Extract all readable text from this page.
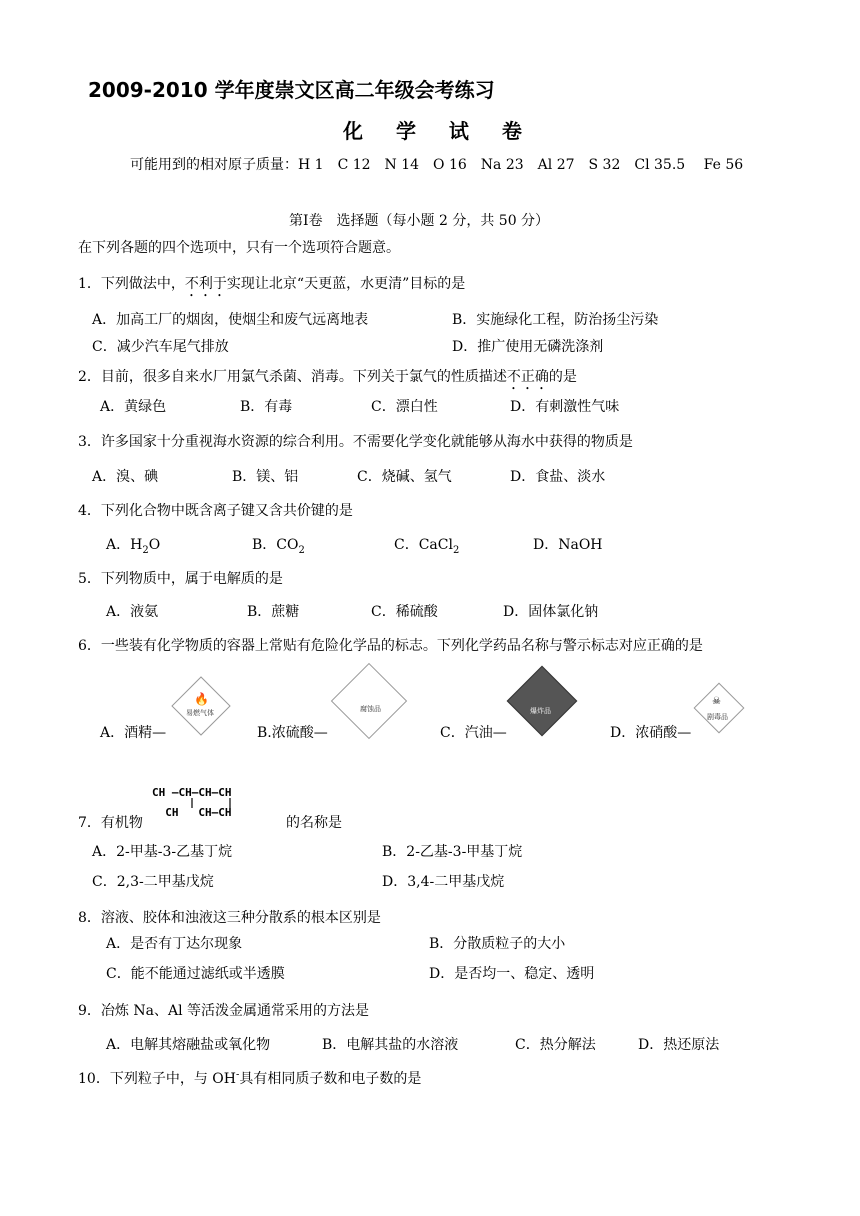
2009-2010 学年度崇文区高二年级会考练习
化 学 试 卷
可能用到的相对原子质量：H 1　C 12　N 14　O 16　Na 23　Al 27　S 32　Cl 35.5　 Fe 56
第Ⅰ卷　选择题（每小题 2 分，共 50 分）
在下列各题的四个选项中，只有一个选项符合题意。
1．下列做法中，不利于实现让北京“天更蓝，水更清”目标的是
A．加高工厂的烟囱，使烟尘和废气远离地表	B．实施绿化工程，防治扬尘污染
C．减少汽车尾气排放	D．推广使用无磷洗涤剂
2．目前，很多自来水厂用氯气杀菌、消毒。下列关于氯气的性质描述不正确的是
A．黄绿色	B．有毒	C．漂白性	D．有刺激性气味
3．许多国家十分重视海水资源的综合利用。不需要化学变化就能够从海水中获得的物质是
A．溴、碘	B．镁、铝	C．烧碱、氢气	D．食盐、淡水
4．下列化合物中既含离子键又含共价键的是
A．$H_2O$	B．$CO_2$	C．CaCl$_2$	D．NaOH
5．下列物质中，属于电解质的是
A．液氨	B．蔗糖	C．稀硫酸	D．固体氯化钠
6．一些装有化学物质的容器上常贴有危险化学品的标志。下列化学药品名称与警示标志对应正确的是
易燃气体
🔥
腐蚀品	爆炸品
剧毒品
☠
A．酒精—	B.浓硫酸—	C．汽油—	D．浓硝酸—
CH —CH—CH—CH
CH   CH—CH
7．有机物	的名称是
A．2-甲基-3-乙基丁烷	B．2-乙基-3-甲基丁烷
C．2,3-二甲基戊烷	D．3,4-二甲基戊烷
8．溶液、胶体和浊液这三种分散系的根本区别是
A．是否有丁达尔现象	B．分散质粒子的大小
C．能不能通过滤纸或半透膜	D．是否均一、稳定、透明
9．冶炼 Na、Al 等活泼金属通常采用的方法是
A．电解其熔融盐或氧化物	B．电解其盐的水溶液	C．热分解法	D．热还原法
10．下列粒子中，与 OH-具有相同质子数和电子数的是
